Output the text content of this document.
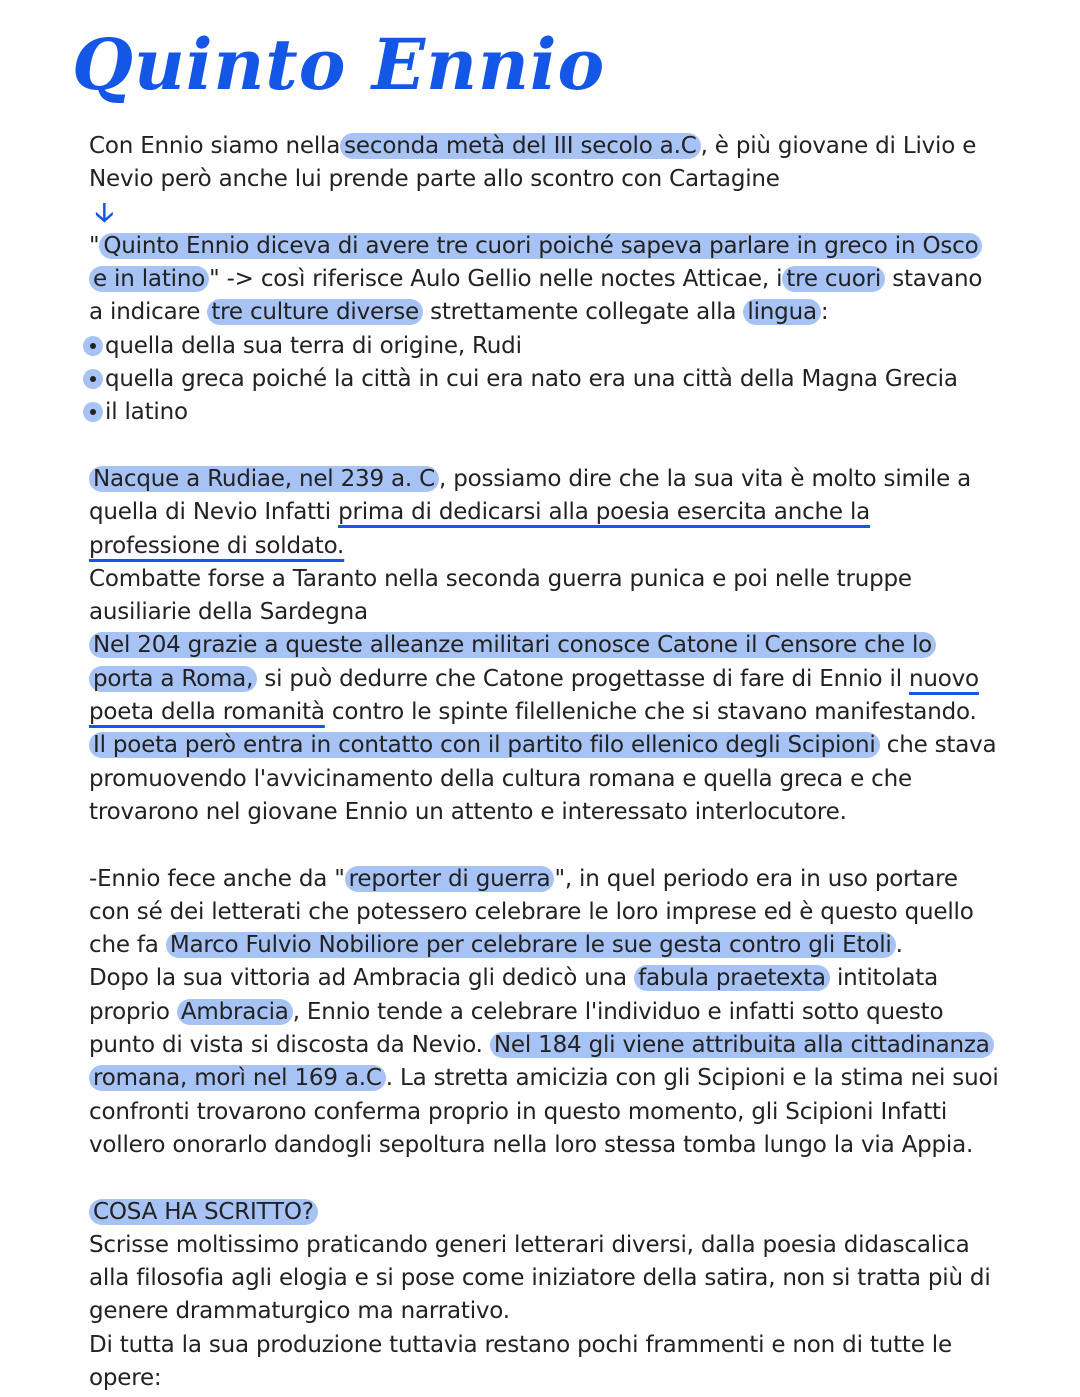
Quinto Ennio

Con Ennio siamo nella seconda metà del III secolo a.C , è più giovane di Livio e Nevio però anche lui prende parte allo scontro con Cartagine

🡣

" Quinto Ennio diceva di avere tre cuori poiché sapeva parlare in greco in Osco e in latino " -> così riferisce Aulo Gellio nelle noctes Atticae, i tre cuori stavano a indicare tre culture diverse strettamente collegate alla lingua :

quella della sua terra di origine, Rudi

quella greca poiché la città in cui era nato era una città della Magna Grecia

il latino

Nacque a Rudiae, nel 239 a. C , possiamo dire che la sua vita è molto simile a quella di Nevio Infatti prima di dedicarsi alla poesia esercita anche la professione di soldato.

Combatte forse a Taranto nella seconda guerra punica e poi nelle truppe ausiliarie della Sardegna

Nel 204 grazie a queste alleanze militari conosce Catone il Censore che lo porta a Roma, si può dedurre che Catone progettasse di fare di Ennio il nuovo poeta della romanità contro le spinte filelleniche che si stavano manifestando. Il poeta però entra in contatto con il partito filo ellenico degli Scipioni che stava promuovendo l'avvicinamento della cultura romana e quella greca e che trovarono nel giovane Ennio un attento e interessato interlocutore.

-Ennio fece anche da " reporter di guerra ", in quel periodo era in uso portare con sé dei letterati che potessero celebrare le loro imprese ed è questo quello che fa Marco Fulvio Nobiliore per celebrare le sue gesta contro gli Etoli .

Dopo la sua vittoria ad Ambracia gli dedicò una fabula praetexta intitolata proprio Ambracia , Ennio tende a celebrare l'individuo e infatti sotto questo punto di vista si discosta da Nevio. Nel 184 gli viene attribuita alla cittadinanza romana, morì nel 169 a.C . La stretta amicizia con gli Scipioni e la stima nei suoi confronti trovarono conferma proprio in questo momento, gli Scipioni Infatti vollero onorarlo dandogli sepoltura nella loro stessa tomba lungo la via Appia.

COSA HA SCRITTO?

Scrisse moltissimo praticando generi letterari diversi, dalla poesia didascalica alla filosofia agli elogia e si pose come iniziatore della satira, non si tratta più di genere drammaturgico ma narrativo.

Di tutta la sua produzione tuttavia restano pochi frammenti e non di tutte le opere:
